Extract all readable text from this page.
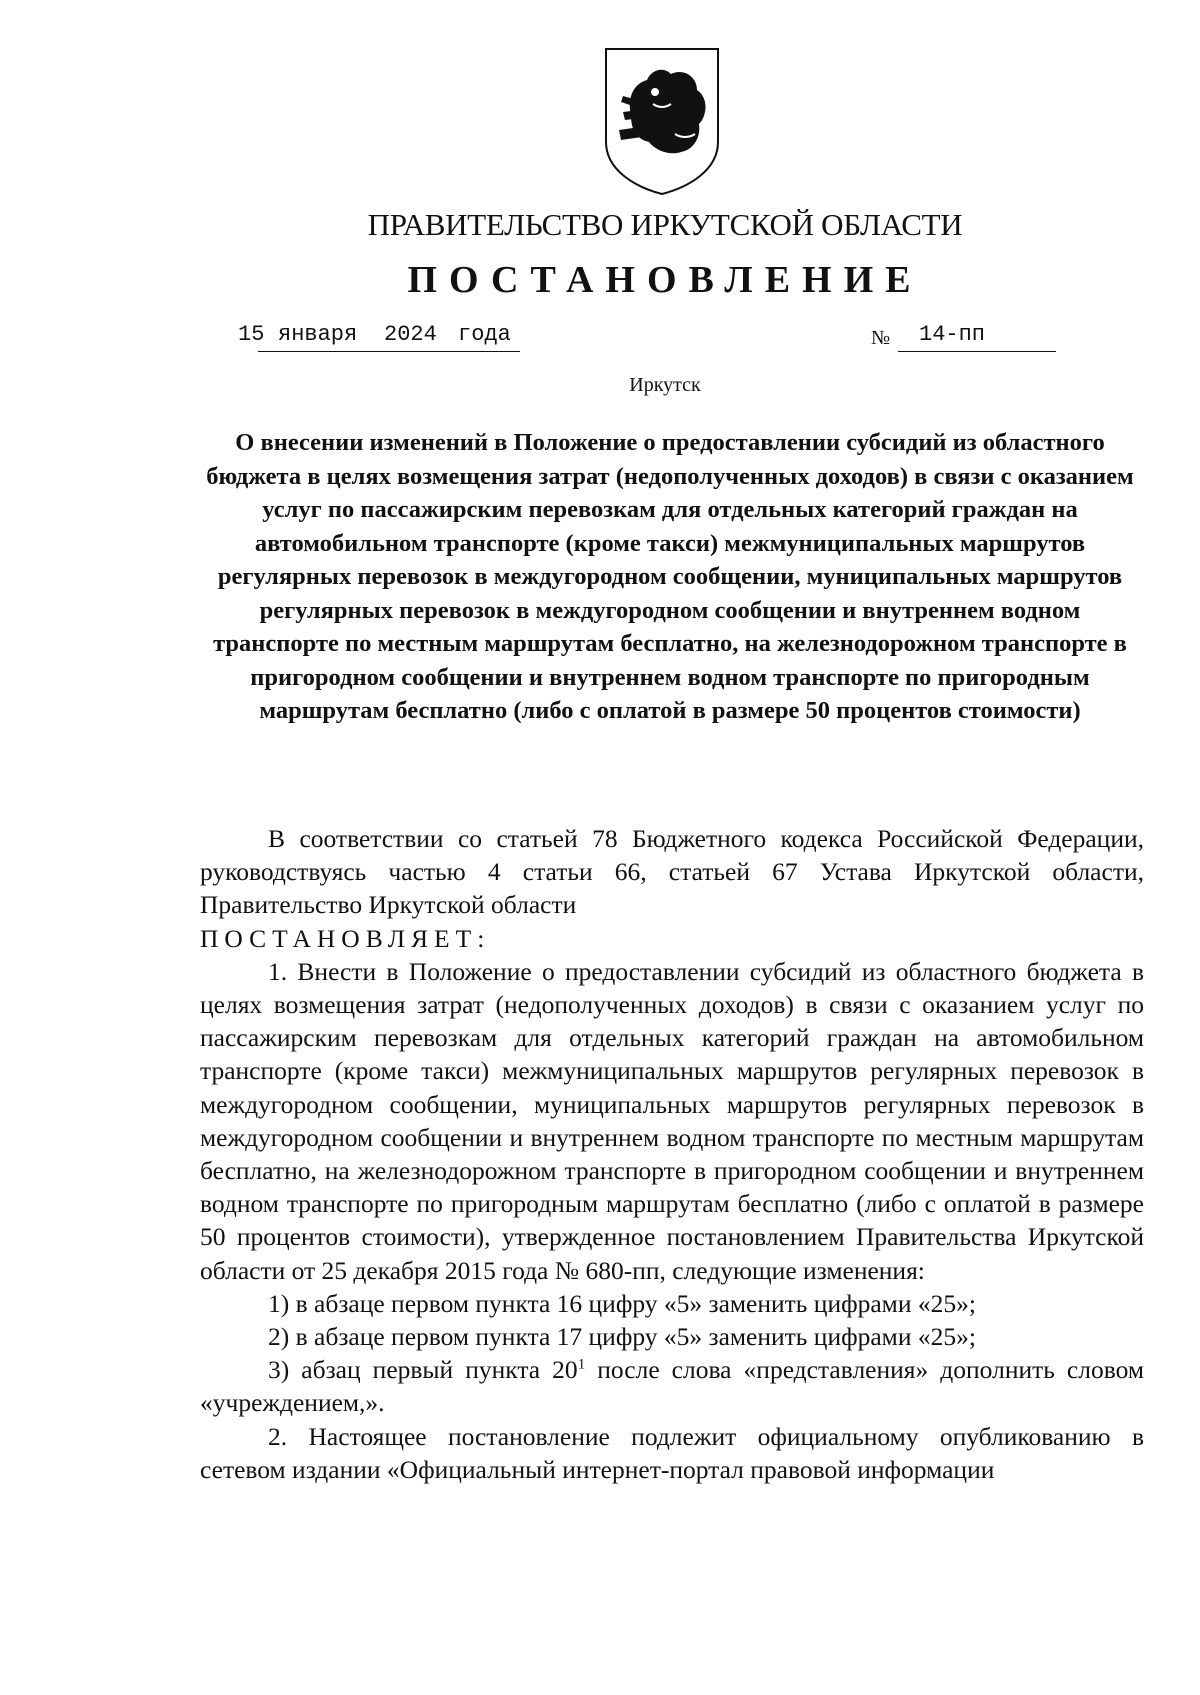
ПРАВИТЕЛЬСТВО ИРКУТСКОЙ ОБЛАСТИ
ПОСТАНОВЛЕНИЕ
15 января 2024 года	№ 14-пп
Иркутск

О внесении изменений в Положение о предоставлении субсидий из областного бюджета в целях возмещения затрат (недополученных доходов) в связи с оказанием услуг по пассажирским перевозкам для отдельных категорий граждан на автомобильном транспорте (кроме такси) межмуниципальных маршрутов регулярных перевозок в междугородном сообщении, муниципальных маршрутов регулярных перевозок в междугородном сообщении и внутреннем водном транспорте по местным маршрутам бесплатно, на железнодорожном транспорте в пригородном сообщении и внутреннем водном транспорте по пригородным маршрутам бесплатно (либо с оплатой в размере 50 процентов стоимости)

В соответствии со статьей 78 Бюджетного кодекса Российской Федерации, руководствуясь частью 4 статьи 66, статьей 67 Устава Иркутской области, Правительство Иркутской области

ПОСТАНОВЛЯЕТ:

1. Внести в Положение о предоставлении субсидий из областного бюджета в целях возмещения затрат (недополученных доходов) в связи с оказанием услуг по пассажирским перевозкам для отдельных категорий граждан на автомобильном транспорте (кроме такси) межмуниципальных маршрутов регулярных перевозок в междугородном сообщении, муниципальных маршрутов регулярных перевозок в междугородном сообщении и внутреннем водном транспорте по местным маршрутам бесплатно, на железнодорожном транспорте в пригородном сообщении и внутреннем водном транспорте по пригородным маршрутам бесплатно (либо с оплатой в размере 50 процентов стоимости), утвержденное постановлением Правительства Иркутской области от 25 декабря 2015 года № 680-пп, следующие изменения:

1) в абзаце первом пункта 16 цифру «5» заменить цифрами «25»;

2) в абзаце первом пункта 17 цифру «5» заменить цифрами «25»;

3) абзац первый пункта $20^1$ после слова «представления» дополнить словом «учреждением,».

2. Настоящее постановление подлежит официальному опубликованию в сетевом издании «Официальный интернет-портал правовой информации
